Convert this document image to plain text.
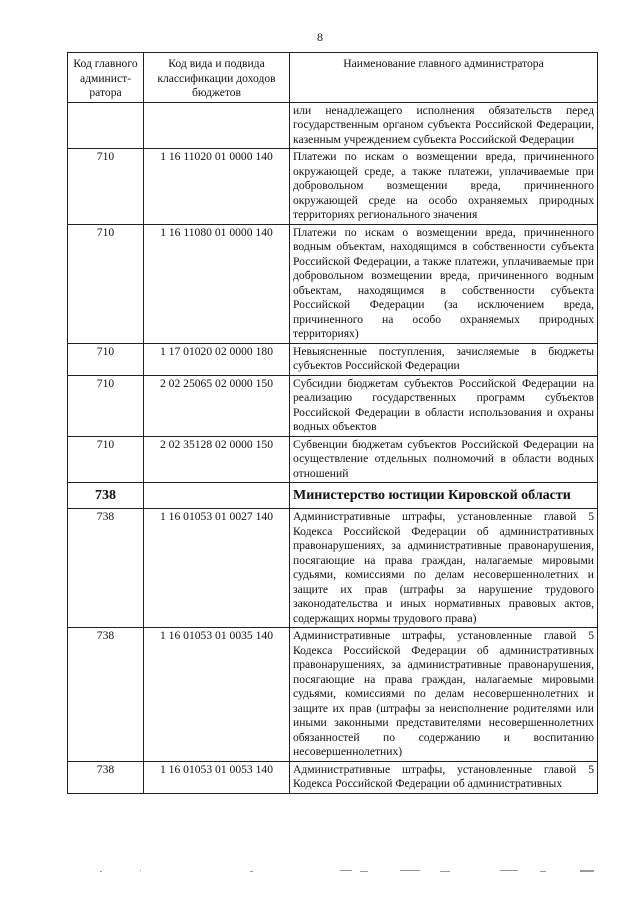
8
Код главного админист-ратора	Код вида и подвида классификации доходов бюджетов	Наименование главного администратора
		или ненадлежащего исполнения обязательств перед государственным органом субъекта Российской Федерации, казенным учреждением субъекта Российской Федерации
710	1 16 11020 01 0000 140	Платежи по искам о возмещении вреда, причиненного окружающей среде, а также платежи, уплачиваемые при добровольном возмещении вреда, причиненного окружающей среде на особо охраняемых природных территориях регионального значения
710	1 16 11080 01 0000 140	Платежи по искам о возмещении вреда, причиненного водным объектам, находящимся в собственности субъекта Российской Федерации, а также платежи, уплачиваемые при добровольном возмещении вреда, причиненного водным объектам, находящимся в собственности субъекта Российской Федерации (за исключением вреда, причиненного на особо охраняемых природных территориях)
710	1 17 01020 02 0000 180	Невыясненные поступления, зачисляемые в бюджеты субъектов Российской Федерации
710	2 02 25065 02 0000 150	Субсидии бюджетам субъектов Российской Федерации на реализацию государственных программ субъектов Российской Федерации в области использования и охраны водных объектов
710	2 02 35128 02 0000 150	Субвенции бюджетам субъектов Российской Федерации на осуществление отдельных полномочий в области водных отношений
738		Министерство юстиции Кировской области
738	1 16 01053 01 0027 140	Административные штрафы, установленные главой 5 Кодекса Российской Федерации об административных правонарушениях, за административные правонарушения, посягающие на права граждан, налагаемые мировыми судьями, комиссиями по делам несовершеннолетних и защите их прав (штрафы за нарушение трудового законодательства и иных нормативных правовых актов, содержащих нормы трудового права)
738	1 16 01053 01 0035 140	Административные штрафы, установленные главой 5 Кодекса Российской Федерации об административных правонарушениях, за административные правонарушения, посягающие на права граждан, налагаемые мировыми судьями, комиссиями по делам несовершеннолетних и защите их прав (штрафы за неисполнение родителями или иными законными представителями несовершеннолетних обязанностей по содержанию и воспитанию несовершеннолетних)
738	1 16 01053 01 0053 140	Административные штрафы, установленные главой 5 Кодекса Российской Федерации об административных
